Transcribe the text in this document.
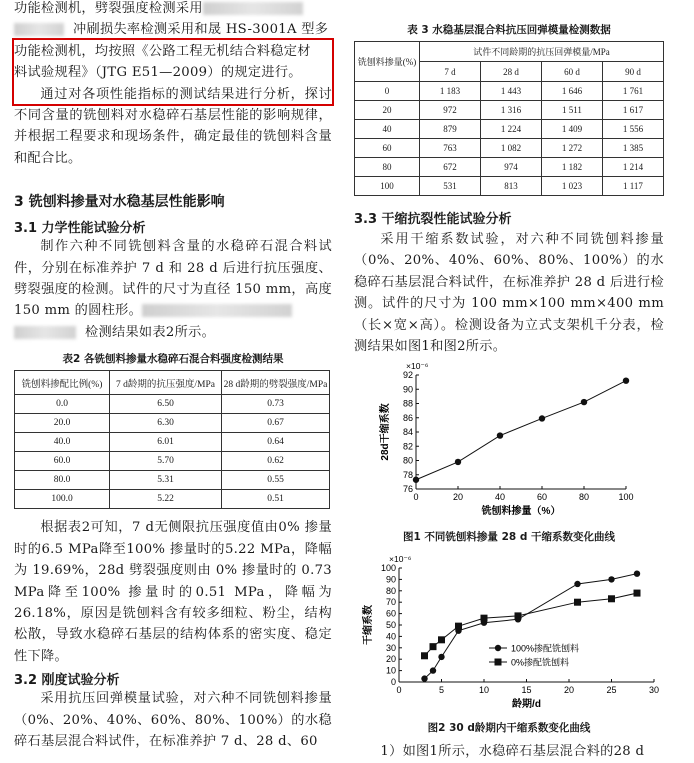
功能检测机，劈裂强度检测采用
冲刷损失率检测采用和晟 HS-3001A 型多
功能检测机，均按照《公路工程无机结合料稳定材
料试验规程》（JTG E51—2009）的规定进行。

通过对各项性能指标的测试结果进行分析，探讨不同含量的铣刨料对水稳碎石基层性能的影响规律，并根据工程要求和现场条件，确定最佳的铣刨料含量和配合比。

3 铣刨料掺量对水稳基层性能影响
3.1 力学性能试验分析

制作六种不同铣刨料含量的水稳碎石混合料试件，分别在标准养护 7 d 和 28 d 后进行抗压强度、劈裂强度的检测。试件的尺寸为直径 150 mm，高度 150 mm 的圆柱形。
检测结果如表2所示。

表2 各铣刨料掺量水稳碎石混合料强度检测结果
铣刨料掺配比例(%)	7 d龄期的抗压强度/MPa	28 d龄期的劈裂强度/MPa
0.0	6.50	0.73
20.0	6.30	0.67
40.0	6.01	0.64
60.0	5.70	0.62
80.0	5.31	0.55
100.0	5.22	0.51

根据表2可知，7 d无侧限抗压强度值由0% 掺量时的6.5 MPa降至100% 掺量时的5.22 MPa，降幅为 19.69%，28d 劈裂强度则由 0% 掺量时的 0.73 MPa降至100% 掺量时的0.51 MPa，降幅为26.18%，原因是铣刨料含有较多细粒、粉尘，结构松散，导致水稳碎石基层的结构体系的密实度、稳定性下降。

3.2 刚度试验分析

采用抗压回弹模量试验，对六种不同铣刨料掺量（0%、20%、40%、60%、80%、100%）的水稳碎石基层混合料试件，在标准养护 7 d、28 d、60

表 3 水稳基层混合料抗压回弹模量检测数据
铣刨料掺量(%)	试件不同龄期的抗压回弹模量/MPa			
	7 d	28 d	60 d	90 d
0	1 183	1 443	1 646	1 761
20	972	1 316	1 511	1 617
40	879	1 224	1 409	1 556
60	763	1 082	1 272	1 385
80	672	974	1 182	1 214
100	531	813	1 023	1 117
3.3 干缩抗裂性能试验分析

采用干缩系数试验，对六种不同铣刨料掺量（0%、20%、40%、60%、80%、100%）的水稳碎石基层混合料试件，在标准养护 28 d 后进行检测。试件的尺寸为 100 mm×100 mm×400 mm（长×宽×高）。检测设备为立式支架机千分表，检测结果如图1和图2所示。

0	20	40	60	80	100
76
78
80
82
84
86
88
90
92
×10⁻⁶
铣刨料掺量（%）
28d干缩系数
图1 不同铣刨料掺量 28 d 干缩系数变化曲线
0	5	10	15	20	25	30
0
10
20
30
40
50
60
70
80
90
100
×10⁻⁶
龄期/d
干缩系数
100%掺配铣刨料
0%掺配铣刨料
图2 30 d龄期内干缩系数变化曲线

1）如图1所示，水稳碎石基层混合料的28 d
